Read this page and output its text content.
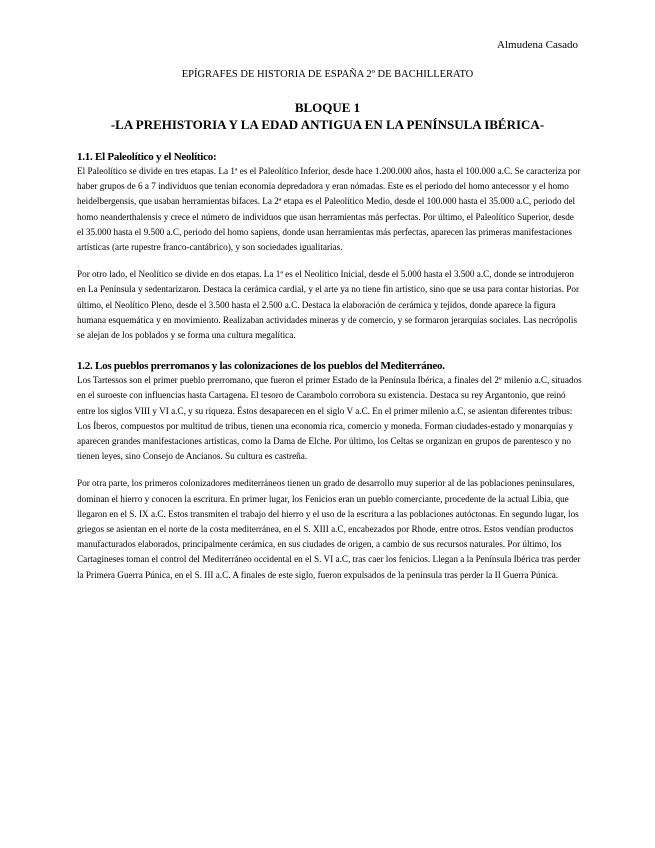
Almudena Casado
EPÍGRAFES DE HISTORIA DE ESPAÑA 2º DE BACHILLERATO
BLOQUE 1
-LA PREHISTORIA Y LA EDAD ANTIGUA EN LA PENÍNSULA IBÉRICA-
1.1. El Paleolítico y el Neolítico:

El Paleolítico se divide en tres etapas. La 1ª es el Paleolítico Inferior, desde hace 1.200.000 años, hasta el 100.000 a.C. Se caracteriza por haber grupos de 6 a 7 individuos que tenían economía depredadora y eran nómadas. Este es el periodo del homo antecessor y el homo heidelbergensis, que usaban herramientas bifaces. La 2ª etapa es el Paleolítico Medio, desde el 100.000 hasta el 35.000 a.C, periodo del homo neanderthalensis y crece el número de individuos que usan herramientas más perfectas. Por último, el Paleolítico Superior, desde el 35.000 hasta el 9.500 a.C, periodo del homo sapiens, donde usan herramientas más perfectas, aparecen las primeras manifestaciones artísticas (arte rupestre franco-cantábrico), y son sociedades igualitarias.

Por otro lado, el Neolítico se divide en dos etapas. La 1ª es el Neolítico Inicial, desde el 5.000 hasta el 3.500 a.C, donde se introdujeron en La Península y sedentarizaron. Destaca la cerámica cardial, y el arte ya no tiene fin artístico, sino que se usa para contar historias. Por último, el Neolítico Pleno, desde el 3.500 hasta el 2.500 a.C. Destaca la elaboración de cerámica y tejidos, donde aparece la figura humana esquemática y en movimiento. Realizaban actividades mineras y de comercio, y se formaron jerarquías sociales. Las necrópolis se alejan de los poblados y se forma una cultura megalítica.

1.2. Los pueblos prerromanos y las colonizaciones de los pueblos del Mediterráneo.

Los Tartessos son el primer pueblo prerromano, que fueron el primer Estado de la Península Ibérica, a finales del 2º milenio a.C, situados en el suroeste con influencias hasta Cartagena. El tesoro de Carambolo corrobora su existencia. Destaca su rey Argantonio, que reinó entre los siglos VIII y VI a.C, y su riqueza. Éstos desaparecen en el siglo V a.C. En el primer milenio a.C, se asientan diferentes tribus: Los Íberos, compuestos por multitud de tribus, tienen una economía rica, comercio y moneda. Forman ciudades-estado y monarquías y aparecen grandes manifestaciones artísticas, como la Dama de Elche. Por último, los Celtas se organizan en grupos de parentesco y no tienen leyes, sino Consejo de Ancianos. Su cultura es castreña.

Por otra parte, los primeros colonizadores mediterráneos tienen un grado de desarrollo muy superior al de las poblaciones peninsulares, dominan el hierro y conocen la escritura. En primer lugar, los Fenicios eran un pueblo comerciante, procedente de la actual Libia, que llegaron en el S. IX a.C. Estos transmiten el trabajo del hierro y el uso de la escritura a las poblaciones autóctonas. En segundo lugar, los griegos se asientan en el norte de la costa mediterránea, en el S. XIII a.C, encabezados por Rhode, entre otros. Estos vendían productos manufacturados elaborados, principalmente cerámica, en sus ciudades de origen, a cambio de sus recursos naturales. Por último, los Cartagineses toman el control del Mediterráneo occidental en el S. VI a.C, tras caer los fenicios. Llegan a la Península Ibérica tras perder la Primera Guerra Púnica, en el S. III a.C. A finales de este siglo, fueron expulsados de la península tras perder la II Guerra Púnica.
